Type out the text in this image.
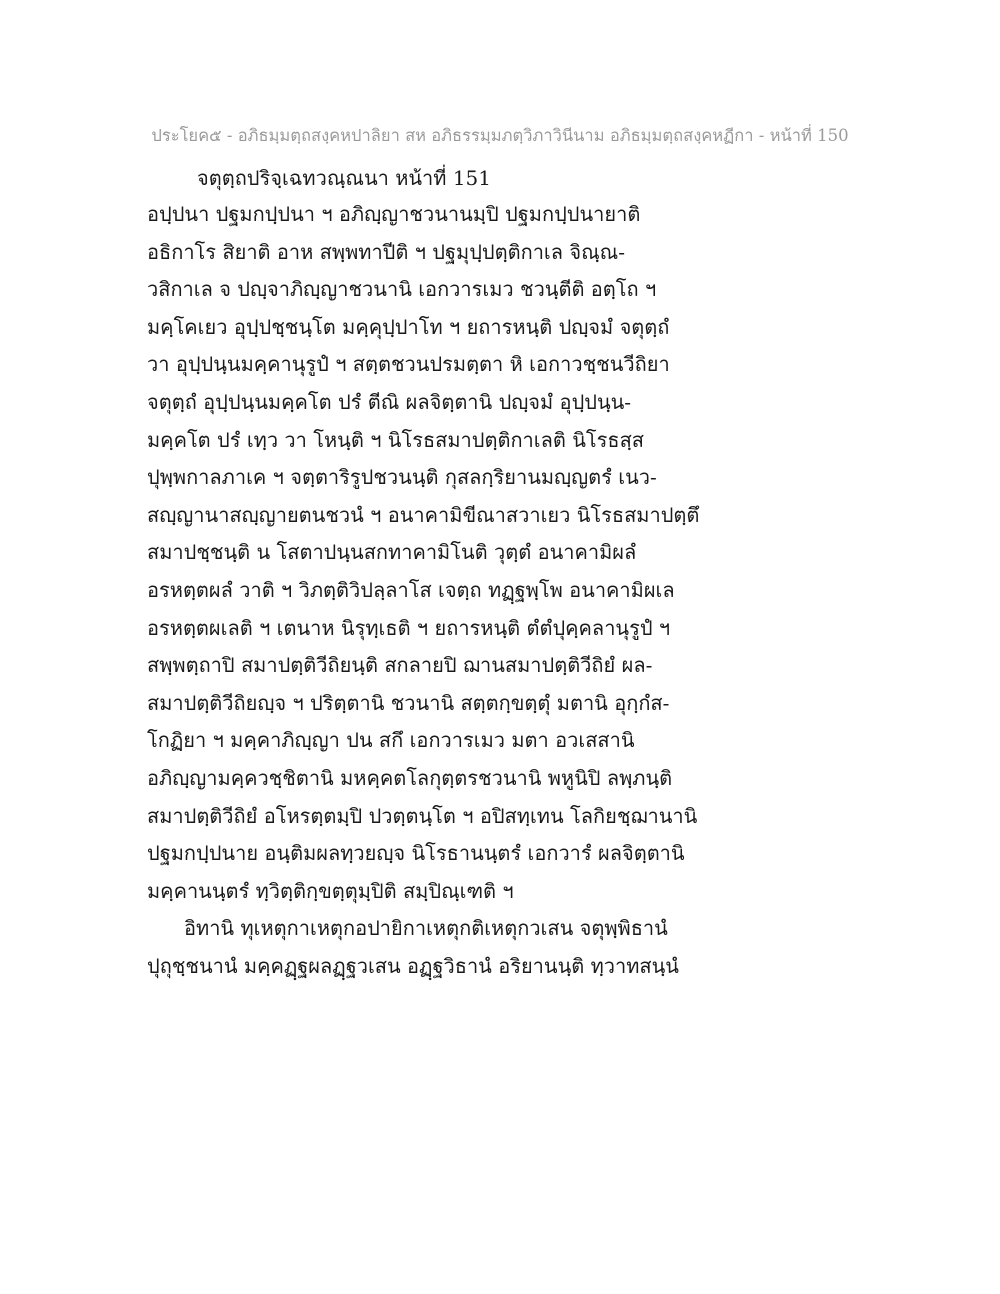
ประโยค๕ - อภิธมฺมตฺถสงฺคหปาลิยา สห อภิธรรมฺมภตฺวิภาวินีนาม อภิธมฺมตฺถสงฺคหฏีกา - หน้าที่ 150
จตุตฺถปริจฺเฉทวณฺณนา หน้าที่ 151
อปฺปนา ปฐมกปฺปนา ฯ อภิญฺญาชวนานมฺปิ ปฐมกปฺปนายาติ
อธิกาโร สิยาติ อาห สพฺพทาปีติ ฯ ปฐมุปฺปตฺติกาเล จิณฺณ-
วสิกาเล จ ปญฺจาภิญฺญาชวนานิ เอกวารเมว ชวนฺตีติ อตฺโถ ฯ
มคฺโคเยว อุปฺปชฺชนฺโต มคฺคุปฺปาโท ฯ ยถารหนฺติ ปญฺจมํ จตุตฺถํ
วา อุปฺปนฺนมคฺคานุรูปํ ฯ สตฺตชวนปรมตฺตา หิ เอกาวชฺชนวีถิยา
จตุตฺถํ อุปฺปนฺนมคฺคโต ปรํ ตีณิ ผลจิตฺตานิ ปญฺจมํ อุปฺปนฺน-
มคฺคโต ปรํ เทฺว วา โหนฺติ ฯ นิโรธสมาปตฺติกาเลติ นิโรธสฺส
ปุพฺพกาลภาเค ฯ จตฺตาริรูปชวนนฺติ กุสลกฺริยานมญฺญตรํ เนว-
สญฺญานาสญฺญายตนชวนํ ฯ อนาคามิขีณาสวาเยว นิโรธสมาปตฺตึ
สมาปชฺชนฺติ น โสตาปนฺนสกทาคามิโนติ วุตฺตํ อนาคามิผลํ
อรหตฺตผลํ วาติ ฯ วิภตฺติวิปลฺลาโส เจตฺถ ทฏฺฐพฺโพ อนาคามิผเล
อรหตฺตผเลติ ฯ เตนาห นิรุทฺเธติ ฯ ยถารหนฺติ ตํตํปุคฺคลานุรูปํ ฯ
สพฺพตฺถาปิ สมาปตฺติวีถิยนฺติ สกลายปิ ฌานสมาปตฺติวีถิยํ ผล-
สมาปตฺติวีถิยญฺจ ฯ ปริตฺตานิ ชวนานิ สตฺตกฺขตฺตุํ มตานิ อุกฺกํส-
โกฏิยา ฯ มคฺคาภิญฺญา ปน สกึ เอกวารเมว มตา อวเสสานิ
อภิญฺญามคฺควชฺชิตานิ มหคฺคตโลกุตฺตรชวนานิ พหูนิปิ ลพฺภนฺติ
สมาปตฺติวีถิยํ อโหรตฺตมฺปิ ปวตฺตนฺโต ฯ อปิสทฺเทน โลกิยชฺฌานานิ
ปฐมกปฺปนาย อนฺติมผลทฺวยญฺจ นิโรธานนฺตรํ เอกวารํ ผลจิตฺตานิ
มคฺคานนฺตรํ ทฺวิตฺติกฺขตฺตุมฺปิติ สมฺปิณฺเฑติ ฯ
อิทานิ ทุเหตุกาเหตุกอปายิกาเหตุกติเหตุกวเสน จตุพฺพิธานํ
ปุถุชฺชนานํ มคฺคฏฺฐผลฏฺฐวเสน อฏฺฐวิธานํ อริยานนฺติ ทฺวาทสนฺนํ
